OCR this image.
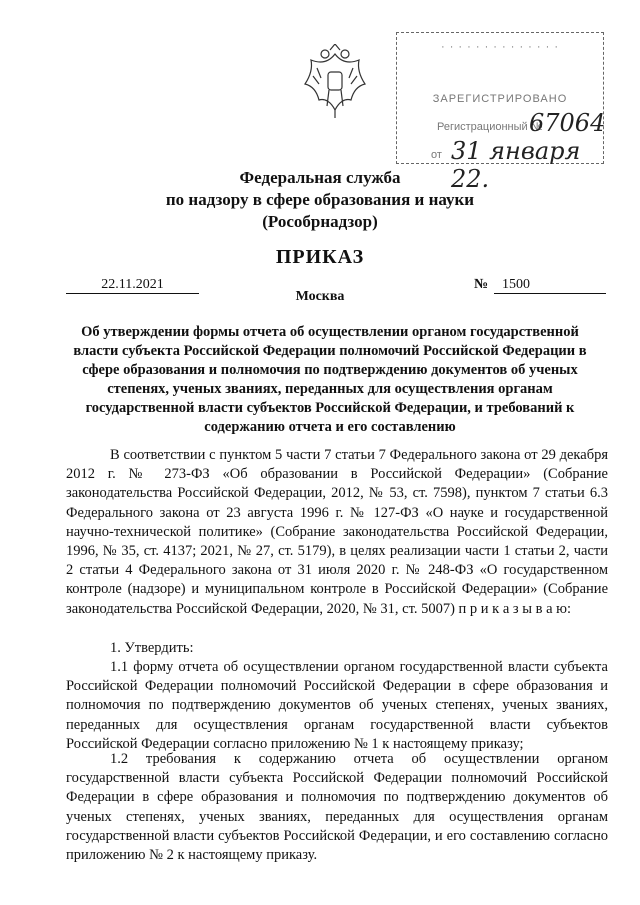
· · · · · · · · · · · · · ·
ЗАРЕГИСТРИРОВАНО
Регистрационный №
67064
от 31 января 22.
Федеральная служба
по надзору в сфере образования и науки
(Рособрнадзор)
ПРИКАЗ
22.11.2021	№ 1500
Москва
Об утверждении формы отчета об осуществлении органом государственной власти субъекта Российской Федерации полномочий Российской Федерации в сфере образования и полномочия по подтверждению документов об ученых степенях, ученых званиях, переданных для осуществления органам государственной власти субъектов Российской Федерации, и требований к содержанию отчета и его составлению
В соответствии с пунктом 5 части 7 статьи 7 Федерального закона от 29 декабря 2012 г. № 273-ФЗ «Об образовании в Российской Федерации» (Собрание законодательства Российской Федерации, 2012, № 53, ст. 7598), пунктом 7 статьи 6.3 Федерального закона от 23 августа 1996 г. № 127-ФЗ «О науке и государственной научно-технической политике» (Собрание законодательства Российской Федерации, 1996, № 35, ст. 4137; 2021, № 27, ст. 5179), в целях реализации части 1 статьи 2, части 2 статьи 4 Федерального закона от 31 июля 2020 г. № 248-ФЗ «О государственном контроле (надзоре) и муниципальном контроле в Российской Федерации» (Собрание законодательства Российской Федерации, 2020, № 31, ст. 5007) п р и к а з ы в а ю:
1. Утвердить:
1.1 форму отчета об осуществлении органом государственной власти субъекта Российской Федерации полномочий Российской Федерации в сфере образования и полномочия по подтверждению документов об ученых степенях, ученых званиях, переданных для осуществления органам государственной власти субъектов Российской Федерации согласно приложению № 1 к настоящему приказу;
1.2 требования к содержанию отчета об осуществлении органом государственной власти субъекта Российской Федерации полномочий Российской Федерации в сфере образования и полномочия по подтверждению документов об ученых степенях, ученых званиях, переданных для осуществления органам государственной власти субъектов Российской Федерации, и его составлению согласно приложению № 2 к настоящему приказу.
